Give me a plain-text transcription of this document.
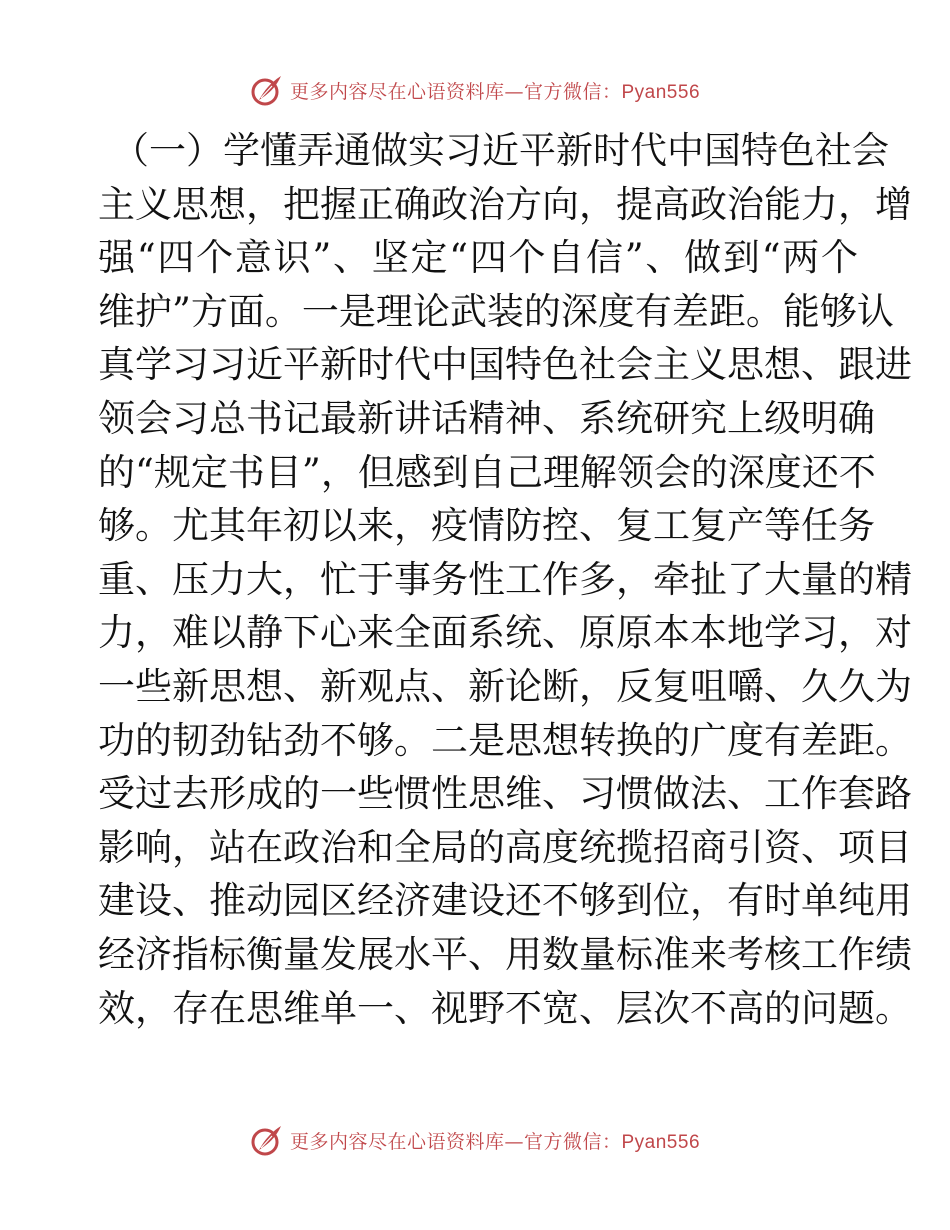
更多内容尽在心语资料库—官方微信：Pyan556
（一）学懂弄通做实习近平新时代中国特色社会
主义思想，把握正确政治方向，提高政治能力，增
强“四个意识”、坚定“四个自信”、做到“两个
维护”方面。一是理论武装的深度有差距。能够认
真学习习近平新时代中国特色社会主义思想、跟进
领会习总书记最新讲话精神、系统研究上级明确
的“规定书目”，但感到自己理解领会的深度还不
够。尤其年初以来，疫情防控、复工复产等任务
重、压力大，忙于事务性工作多，牵扯了大量的精
力，难以静下心来全面系统、原原本本地学习，对
一些新思想、新观点、新论断，反复咀嚼、久久为
功的韧劲钻劲不够。二是思想转换的广度有差距。
受过去形成的一些惯性思维、习惯做法、工作套路
影响，站在政治和全局的高度统揽招商引资、项目
建设、推动园区经济建设还不够到位，有时单纯用
经济指标衡量发展水平、用数量标准来考核工作绩
效，存在思维单一、视野不宽、层次不高的问题。
更多内容尽在心语资料库—官方微信：Pyan556
